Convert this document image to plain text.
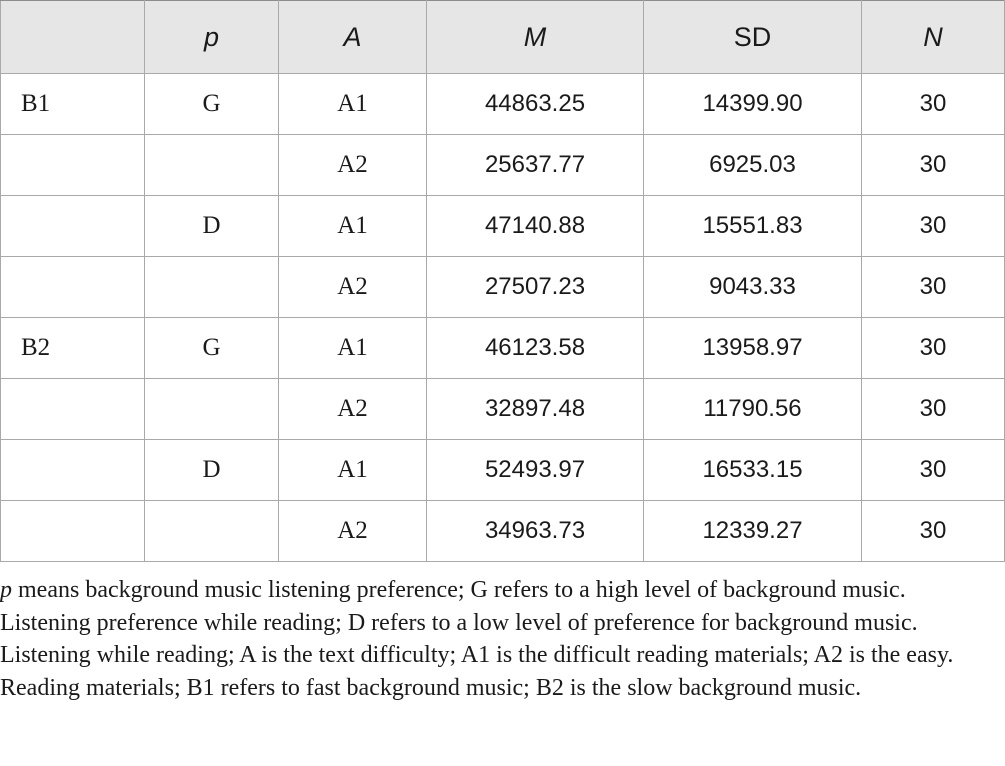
	p	A	M	SD	N
B1	G	A1	44863.25	14399.90	30
		A2	25637.77	6925.03	30
	D	A1	47140.88	15551.83	30
		A2	27507.23	9043.33	30
B2	G	A1	46123.58	13958.97	30
		A2	32897.48	11790.56	30
	D	A1	52493.97	16533.15	30
		A2	34963.73	12339.27	30
p means background music listening preference; G refers to a high level of background music. Listening preference while reading; D refers to a low level of preference for background music. Listening while reading; A is the text difficulty; A1 is the difficult reading materials; A2 is the easy. Reading materials; B1 refers to fast background music; B2 is the slow background music.
